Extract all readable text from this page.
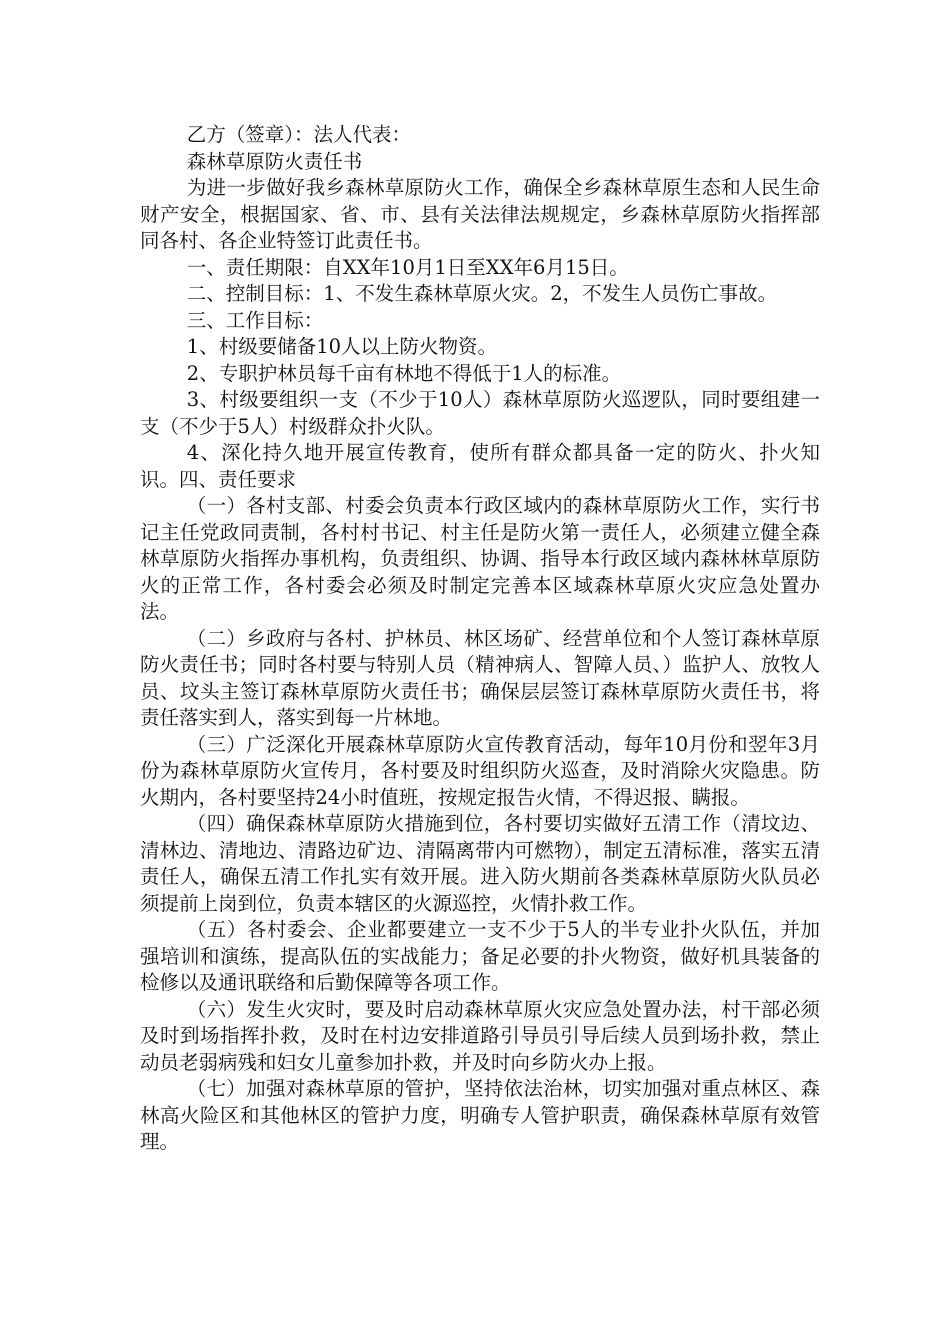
乙方（签章）：法人代表：

森林草原防火责任书

为进一步做好我乡森林草原防火工作，确保全乡森林草原生态和人民生命财产安全，根据国家、省、市、县有关法律法规规定，乡森林草原防火指挥部同各村、各企业特签订此责任书。

一、责任期限：自XX年10月1日至XX年6月15日。

二、控制目标：1、不发生森林草原火灾。2，不发生人员伤亡事故。

三、工作目标：

1、村级要储备10人以上防火物资。

2、专职护林员每千亩有林地不得低于1人的标准。

3、村级要组织一支（不少于10人）森林草原防火巡逻队，同时要组建一支（不少于5人）村级群众扑火队。

4、深化持久地开展宣传教育，使所有群众都具备一定的防火、扑火知识。四、责任要求

（一）各村支部、村委会负责本行政区域内的森林草原防火工作，实行书记主任党政同责制，各村村书记、村主任是防火第一责任人，必须建立健全森林草原防火指挥办事机构，负责组织、协调、指导本行政区域内森林林草原防火的正常工作，各村委会必须及时制定完善本区域森林草原火灾应急处置办法。

（二）乡政府与各村、护林员、林区场矿、经营单位和个人签订森林草原防火责任书；同时各村要与特别人员（精神病人、智障人员、）监护人、放牧人员、坟头主签订森林草原防火责任书；确保层层签订森林草原防火责任书，将责任落实到人，落实到每一片林地。

（三）广泛深化开展森林草原防火宣传教育活动，每年10月份和翌年3月份为森林草原防火宣传月，各村要及时组织防火巡查，及时消除火灾隐患。防火期内，各村要坚持24小时值班，按规定报告火情，不得迟报、瞒报。

（四）确保森林草原防火措施到位，各村要切实做好五清工作（清坟边、清林边、清地边、清路边矿边、清隔离带内可燃物），制定五清标准，落实五清责任人，确保五清工作扎实有效开展。进入防火期前各类森林草原防火队员必须提前上岗到位，负责本辖区的火源巡控，火情扑救工作。

（五）各村委会、企业都要建立一支不少于5人的半专业扑火队伍，并加强培训和演练，提高队伍的实战能力；备足必要的扑火物资，做好机具装备的检修以及通讯联络和后勤保障等各项工作。

（六）发生火灾时，要及时启动森林草原火灾应急处置办法，村干部必须及时到场指挥扑救，及时在村边安排道路引导员引导后续人员到场扑救，禁止动员老弱病残和妇女儿童参加扑救，并及时向乡防火办上报。

（七）加强对森林草原的管护，坚持依法治林，切实加强对重点林区、森林高火险区和其他林区的管护力度，明确专人管护职责，确保森林草原有效管理。
